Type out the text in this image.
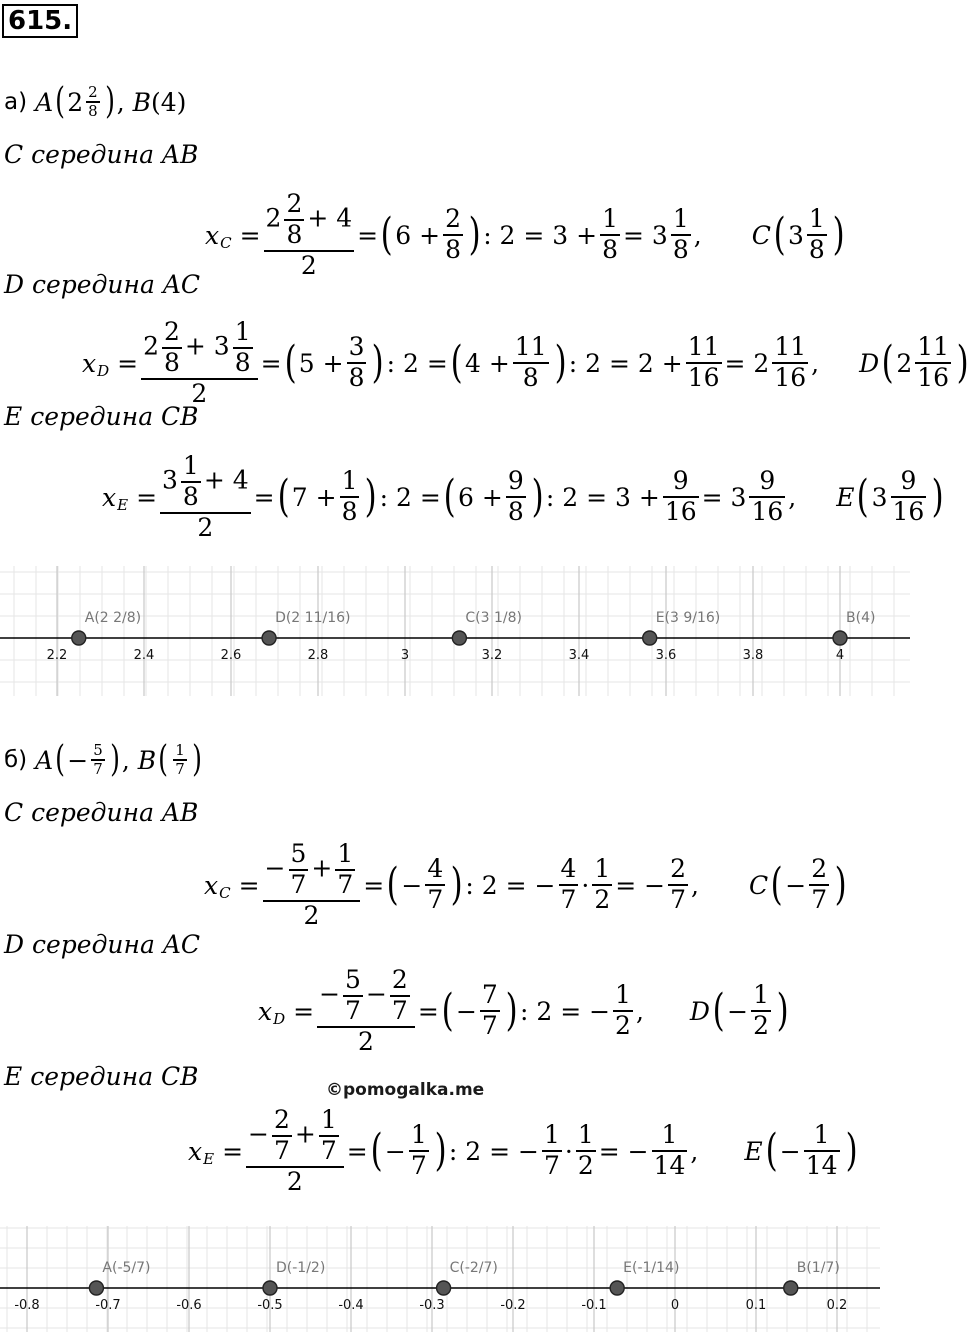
615.
а) A ( $2 \frac{2}{8}$ ) , B (4)
C середина AB
x $C = \frac{2 \frac{2}{8} + 4}{2}$ = ( $6 + \frac{2}{8}$ ) : $2 = 3 + \frac{1}{8} = 3 \frac{1}{8}$ , C ( $3 \frac{1}{8}$ )
D середина AC
x $D = \frac{2 \frac{2}{8} + 3 \frac{1}{8}}{2}$ = ( $5 + \frac{3}{8}$ ) : 2 = ( $4 + \frac{11}{8}$ ) : $2 = 2 + \frac{11}{16} = 2 \frac{11}{16}$ , D ( $2 \frac{11}{16}$ )
E середина CB
x $E = \frac{3 \frac{1}{8} + 4}{2}$ = ( $7 + \frac{1}{8}$ ) : 2 = ( $6 + \frac{9}{8}$ ) : $2 = 3 + \frac{9}{16} = 3 \frac{9}{16}$ , E ( $3 \frac{9}{16}$ )
2.2	2.4	2.6	2.8	3	3.2	3.4	3.6	3.8	4
A(2 2/8)	D(2 11/16)	C(3 1/8)	E(3 9/16)	B(4)
б) A ( − $\frac{5}{7}$ ) , B ( $\frac{1}{7}$ )
C середина AB
x $C = \frac{- \frac{5}{7} + \frac{1}{7}}{2}$ = ( − $\frac{4}{7}$ ) : 2 = − $\frac{4}{7} \cdot \frac{1}{2}$ = − $\frac{2}{7}$ , C ( − $\frac{2}{7}$ )
D середина AC
x $D = \frac{- \frac{5}{7} - \frac{2}{7}}{2}$ = ( − $\frac{7}{7}$ ) : 2 = − $\frac{1}{2}$ , D ( − $\frac{1}{2}$ )
E середина CB	©pomogalka.me
x $E = \frac{- \frac{2}{7} + \frac{1}{7}}{2}$ = ( − $\frac{1}{7}$ ) : 2 = − $\frac{1}{7} \cdot \frac{1}{2}$ = − $\frac{1}{14}$ , E ( − $\frac{1}{14}$ )
-0.8	-0.7	-0.6	-0.5	-0.4	-0.3	-0.2	-0.1	0	0.1	0.2
A(-5/7)	D(-1/2)	C(-2/7)	E(-1/14)	B(1/7)
